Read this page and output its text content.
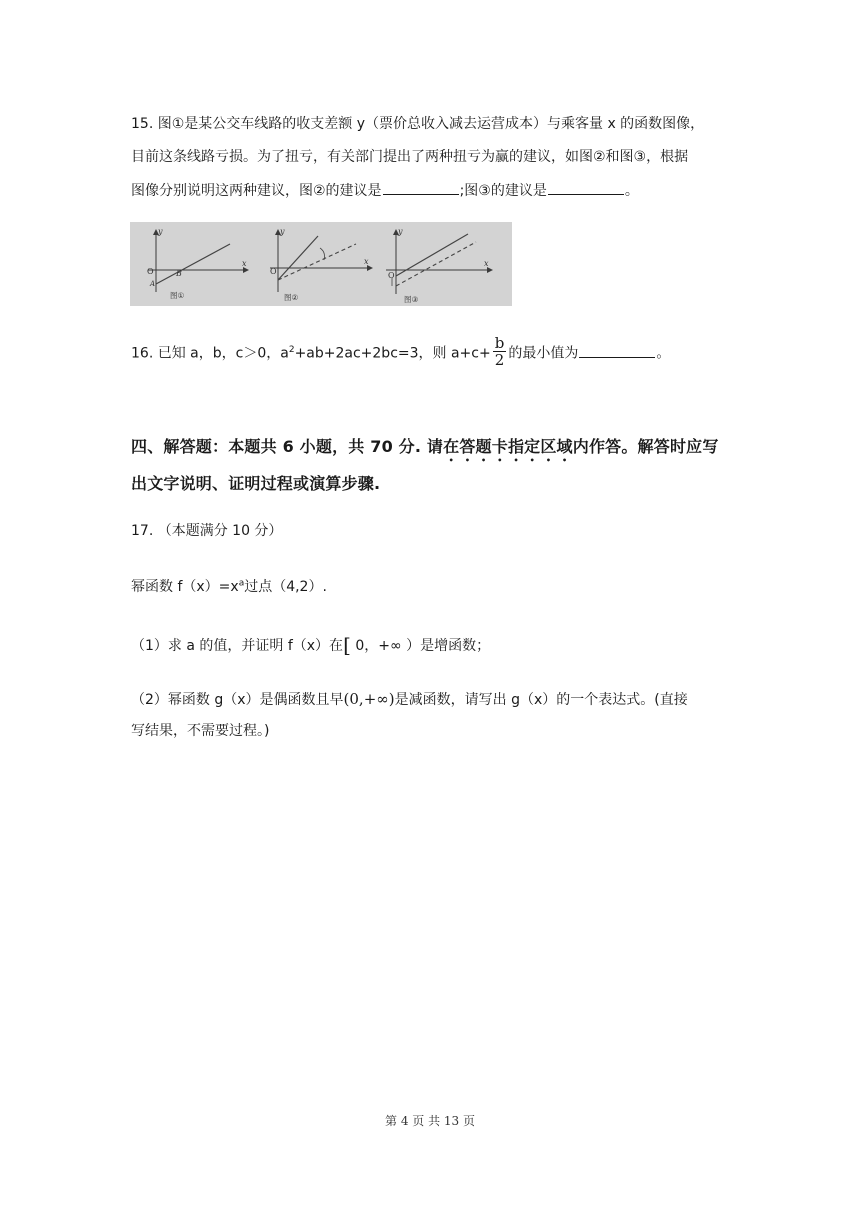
15. 图①是某公交车线路的收支差额 y（票价总收入减去运营成本）与乘客量 x 的函数图像，
目前这条线路亏损。为了扭亏，有关部门提出了两种扭亏为赢的建议，如图②和图③，根据
图像分别说明这两种建议，图②的建议是	;图③的建议是	。
x
y
O	B
A
图①
x
y
O
图②
x
y
O
图③
16. 已知 a，b，c＞0，$a^2+ab+2ac+2bc=3$，则 $a+c+ \frac{b}{2}$ 的最小值为	。
四、解答题：本题共 6 小题，共 70 分. 请在答题卡指定区域内作答。解答时应写
出文字说明、证明过程或演算步骤.
17. （本题满分 10 分）
幂函数 $f(x)=x^a$过点（4,2）.
（1）求 a 的值，并证明 f（x）在[ 0，+∞ ）是增函数；
（2）幂函数 g（x）是偶函数且早(0,+∞)是减函数，请写出 g（x）的一个表达式。(直接
写结果，不需要过程。)
第 4 页 共 13 页
